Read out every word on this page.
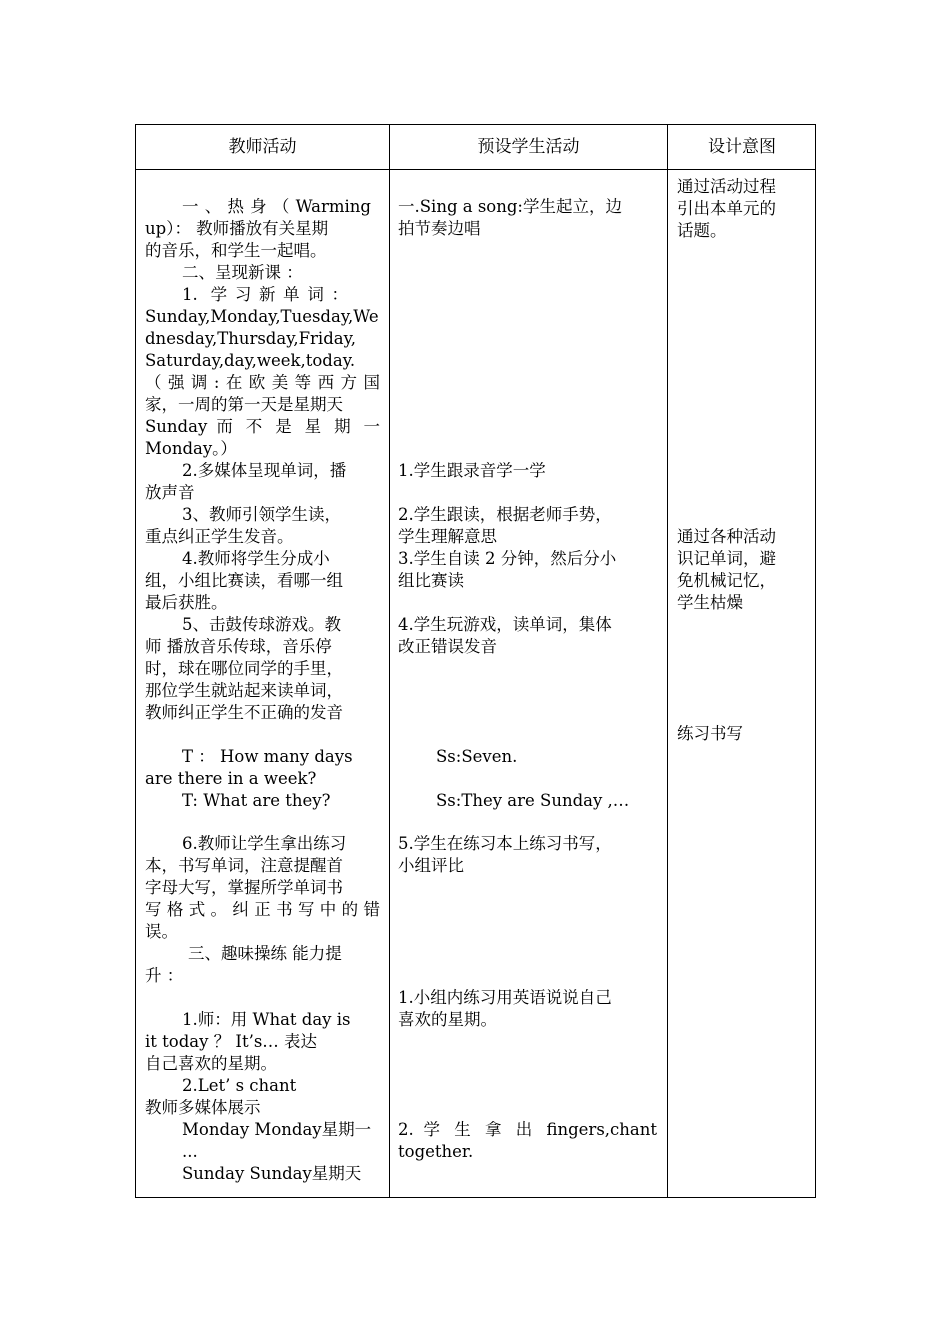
教师活动	预设学生活动	设计意图
一、热身（Warming
up）： 教师播放有关星期
的音乐，和学生一起唱。
二、呈现新课 ：
1. 学习新单词：
Sunday,Monday,Tuesday,We
dnesday,Thursday,Friday,
Saturday,day,week,today.
（强调:在欧美等西方国
家，一周的第一天是星期天
Sunday 而 不 是 星 期 一
Monday。）
2.多媒体呈现单词，播
放声音
3、教师引领学生读，
重点纠正学生发音。
4.教师将学生分成小
组，小组比赛读，看哪一组
最后获胜。
5、击鼓传球游戏。教
师 播放音乐传球，音乐停
时，球在哪位同学的手里，
那位学生就站起来读单词，
教师纠正学生不正确的发音
T ： How many days
are there in a week?
T: What are they?
6.教师让学生拿出练习
本，书写单词，注意提醒首
字母大写，掌握所学单词书
写格式。纠正书写中的错
误。
三、趣味操练 能力提
升 ：
1.师：用 What day is
it today ？ It’s… 表达
自己喜欢的星期。
2.Let’ s chant
教师多媒体展示
Monday Monday星期一
...
Sunday Sunday星期天
一.Sing a song:学生起立，边
拍节奏边唱
1.学生跟录音学一学
2.学生跟读，根据老师手势，
学生理解意思
3.学生自读 2 分钟，然后分小
组比赛读
4.学生玩游戏，读单词，集体
改正错误发音
Ss:Seven.
Ss:They are Sunday ,…
5.学生在练习本上练习书写，
小组评比
1.小组内练习用英语说说自己
喜欢的星期。
2. 学 生 拿 出 fingers,chant
together.
通过活动过程
引出本单元的
话题。
通过各种活动
识记单词，避
免机械记忆，
学生枯燥
练习书写
